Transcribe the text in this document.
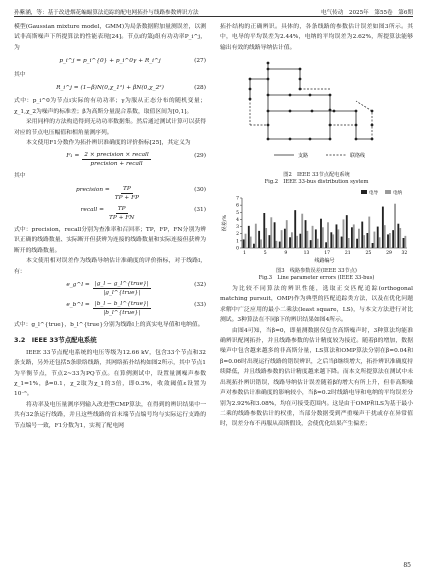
孙紫涵，等：基于改进烟花蝙蝠算法追踪的配电网拓扑与线路参数辨识方法	电气传动　2025年　第55卷　第6期

模型(Gaussian mixture model，GMM)为局条数据附加量测误差，以测试非高斯噪声下所提算法的性能表现[24]。节点i的第j组有功功率P_i^j，为

p_i^j = p_i^{0} + p_i^0γ + R_i^j	(27)

其中

R_i^j = (1−β)N(0,χ_1²) + βN(0,χ_2²)	(28)

式中：p_i^0为节点i实际的有功功率；γ为服从正态分布的随机变量；χ_1,χ_2为噪声的标准差；β为高斯分量混合系数，取值区间为[0,1]。

采用同样的方法构造得到无功功率数据集。然后通过测试计算可以获得对应的节点电压幅值和相角量测序列。

本文使用F1分数作为拓扑辨识准确度的评价指标[25]，其定义为

$F_1 = \frac{\text{2 × precision × recall}}{\text{precision + recall}}$	(29)

其中

precision = $\frac{TP}{TP + FP}$	(30)
recall = $\frac{TP}{TP + FN}$	(31)

式中：precision，recall分别为查准率和召回率；TP，FP，FN分别为辨识正确的线路数量、实际断开但获辨为连接的线路数量和实际连接但获辨为断开的线路数量。

本文使用相对误差作为线路导纳估计准确度的评价指标，对于线路l，有：

e_g^l = $\frac{\text{|g\_l − g\_l\textasciicircum{}\{true\}|}}{\text{|g\_l\textasciicircum{}\{true\}|}}$	(32)
e_b^l = $\frac{\text{|b\_l − b\_l\textasciicircum{}\{true\}|}}{\text{|b\_l\textasciicircum{}\{true\}|}}$	(33)

式中：g_l^{true}，b_l^{true}分别为线路l上的真实电导值和电纳值。

3.2　IEEE 33节点配电系统

IEEE 33节点配电系统的电压等级为12.66 kV，包含33个节点和32条支路，另外还包括5条联络线路，其网络拓扑结构如图2所示，其中节点1为平衡节点，节点2~33为PQ节点。在算例测试中，设置量测噪声参数χ_1=1%，β=0.1，χ_2取为χ_1的3倍，即0.3%，收敛阈值ε设置为10⁻⁵。

将功率及电压量测序列输入改进型CMP算法，在得到的辨识结果中一共有32条运行线路，并且这些线路的首末端节点编号均与实际运行支路的节点编号一致，F1分数为1，实现了配电网

拓扑结构的正确辨识。具体的，各条线路的参数估计误差如图3所示。其中，电导的平均误差为2.44%，电纳的平均误差为2.62%，所提算法能够输出有效的线路导纳估计值。

支路	联络线
图2　IEEE 33节点配电系统
Fig.2　IEEE 33-bus distribution system
0
1
2
3
4
5
6
7
1	5	9	13	17	21	25	29 32
线路编号
误差/%
电导	电纳
图3　线路参数误差(IEEE 33节点)
Fig.3　Line parameter errors (IEEE 33-bus)

为比较不同算法的辨识性能，选取正交匹配追踪(orthogonal matching pursuit，OMP)作为典型的匹配追踪类方法，以及在优化问题求解中广泛应用的最小二乘法(least square，LS)，与本文方法进行对比测试。3种算法在不同β下的辨识结果如图4所示。

由图4可知，当β=0，即量测数据仅包含高斯噪声时，3种算法均能准确辨识配网拓扑，并且线路参数的估计精度较为接近。随着β的增加，数据噪声中包含越来越多的非高斯分量，LS算法和OMP算法分别在β=0.04和β=0.06时出现运行线路的错误辨识，之后当β继续增大，拓扑辨识准确度持续降低，并且线路参数的估计精度越来越下降。而本文所提算法在测试中未出现拓扑辨识错误，线路导纳估计误差随着β的增大有所上升，但非高斯噪声对参数估计准确度的影响较小，当β=0.2时线路电导和电纳的平均误差分别为2.92%和3.08%，均在可接受范围内。这是由于OMP和LS为基于最小二乘的线路参数估计的权重，当部分数据受到严重噪声干扰或存在异常值时，误差分布不再服从高斯假设，会使优化结果产生偏差；

85
